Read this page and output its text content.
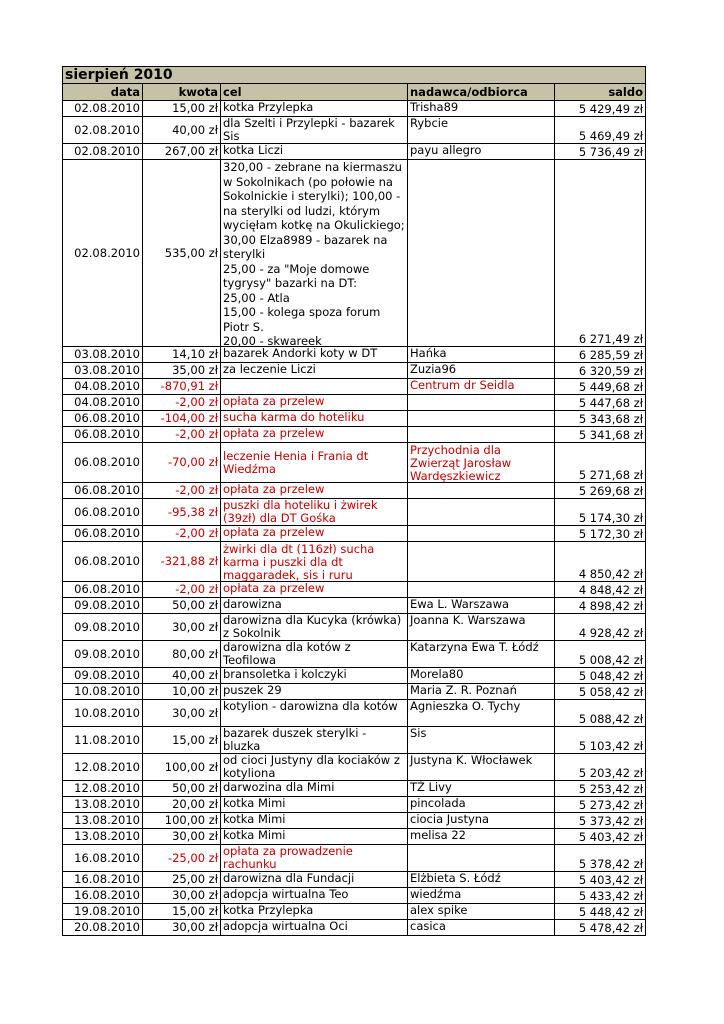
sierpień 2010				
data	kwota	cel	nadawca/odbiorca	saldo

02.08.2010	15,00 zł	kotka Przylepka	Trisha89	5 429,49 zł

02.08.2010	40,00 zł	dla Szelti i Przylepki - bazarek Sis	Rybcie	5 469,49 zł

02.08.2010	267,00 zł	kotka Liczi	payu allegro	5 736,49 zł

02.08.2010	535,00 zł	320,00 - zebrane na kiermaszu w Sokolnikach (po połowie na Sokolnickie i sterylki); 100,00 - na sterylki od ludzi, którym wycięłam kotkę na Okulickiego; 30,00 Elza8989 - bazarek na sterylki
25,00 - za "Moje domowe tygrysy" bazarki na DT:
25,00 - Atla
15,00 - kolega spoza forum Piotr S.
20,00 - skwareek		6 271,49 zł

03.08.2010	14,10 zł	bazarek Andorki koty w DT	Hańka	6 285,59 zł

03.08.2010	35,00 zł	za leczenie Liczi	Zuzia96	6 320,59 zł

04.08.2010	-870,91 zł		Centrum dr Seidla	5 449,68 zł

04.08.2010	-2,00 zł	opłata za przelew		5 447,68 zł

06.08.2010	-104,00 zł	sucha karma do hoteliku		5 343,68 zł

06.08.2010	-2,00 zł	opłata za przelew		5 341,68 zł

06.08.2010	-70,00 zł	leczenie Henia i Frania dt Wiedźma	Przychodnia dla Zwierząt Jarosław Wardęszkiewicz	5 271,68 zł

06.08.2010	-2,00 zł	opłata za przelew		5 269,68 zł

06.08.2010	-95,38 zł	puszki dla hoteliku i żwirek (39zł) dla DT Gośka		5 174,30 zł

06.08.2010	-2,00 zł	opłata za przelew		5 172,30 zł

06.08.2010	-321,88 zł	żwirki dla dt (116zł) sucha karma i puszki dla dt maggaradek, sis i ruru		4 850,42 zł

06.08.2010	-2,00 zł	opłata za przelew		4 848,42 zł

09.08.2010	50,00 zł	darowizna	Ewa L. Warszawa	4 898,42 zł

09.08.2010	30,00 zł	darowizna dla Kucyka (krówka) z Sokolnik	Joanna K. Warszawa	4 928,42 zł

09.08.2010	80,00 zł	darowizna dla kotów z Teofilowa	Katarzyna Ewa T. Łódź	5 008,42 zł

09.08.2010	40,00 zł	bransoletka i kolczyki	Morela80	5 048,42 zł

10.08.2010	10,00 zł	puszek 29	Maria Z. R. Poznań	5 058,42 zł

10.08.2010	30,00 zł	kotylion - darowizna dla kotów	Agnieszka O. Tychy	5 088,42 zł

11.08.2010	15,00 zł	bazarek duszek sterylki - bluzka	Sis	5 103,42 zł

12.08.2010	100,00 zł	od cioci Justyny dla kociaków z kotyliona	Justyna K. Włocławek	5 203,42 zł

12.08.2010	50,00 zł	darwozina dla Mimi	TŻ Livy	5 253,42 zł

13.08.2010	20,00 zł	kotka Mimi	pincolada	5 273,42 zł

13.08.2010	100,00 zł	kotka Mimi	ciocia Justyna	5 373,42 zł

13.08.2010	30,00 zł	kotka Mimi	melisa 22	5 403,42 zł

16.08.2010	-25,00 zł	opłata za prowadzenie rachunku		5 378,42 zł

16.08.2010	25,00 zł	darowizna dla Fundacji	Elżbieta S. Łódź	5 403,42 zł

16.08.2010	30,00 zł	adopcja wirtualna Teo	wiedźma	5 433,42 zł

19.08.2010	15,00 zł	kotka Przylepka	alex spike	5 448,42 zł

20.08.2010	30,00 zł	adopcja wirtualna Oci	casica	5 478,42 zł
